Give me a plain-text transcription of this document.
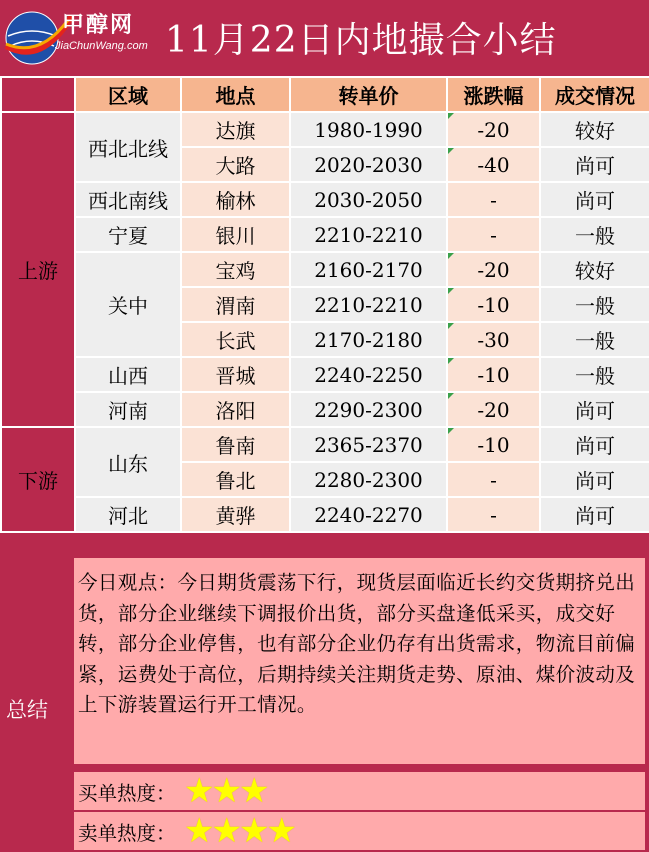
甲醇网
JiaChunWang.com 11月22日内地撮合小结
	区域	地点	转单价	涨跌幅	成交情况
上游	西北北线	达旗	1980-1990	-20	较好
		大路	2020-2030	-40	尚可
	西北南线	榆林	2030-2050	-	尚可
	宁夏	银川	2210-2210	-	一般
	关中	宝鸡	2160-2170	-20	较好
		渭南	2210-2210	-10	一般
		长武	2170-2180	-30	一般
	山西	晋城	2240-2250	-10	一般
	河南	洛阳	2290-2300	-20	尚可
下游	山东	鲁南	2365-2370	-10	尚可
		鲁北	2280-2300	-	尚可
	河北	黄骅	2240-2270	-	尚可
总结
今日观点：今日期货震荡下行，现货层面临近长约交货期挤兑出货，部分企业继续下调报价出货，部分买盘逢低采买，成交好转，部分企业停售，也有部分企业仍存有出货需求，物流目前偏紧，运费处于高位，后期持续关注期货走势、原油、煤价波动及上下游装置运行开工情况。
买单热度： ★★★
卖单热度： ★★★★
